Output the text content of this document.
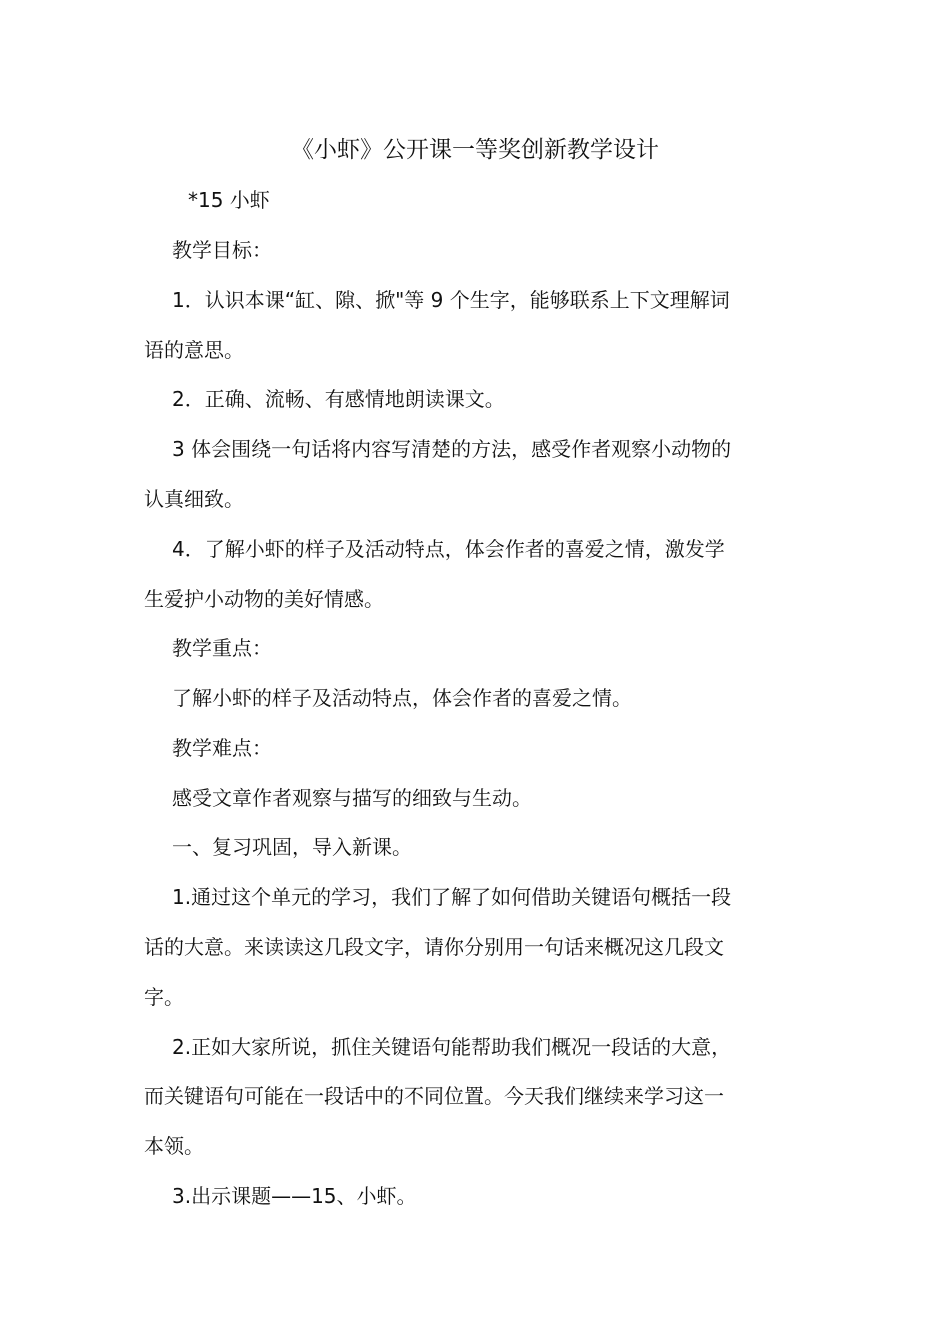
《小虾》公开课一等奖创新教学设计

*15 小虾

教学目标：

1．认识本课“缸、隙、掀"等 9 个生字，能够联系上下文理解词

语的意思。

2．正确、流畅、有感情地朗读课文。

3 体会围绕一句话将内容写清楚的方法，感受作者观察小动物的

认真细致。

4．了解小虾的样子及活动特点，体会作者的喜爱之情，激发学

生爱护小动物的美好情感。

教学重点：

了解小虾的样子及活动特点，体会作者的喜爱之情。

教学难点：

感受文章作者观察与描写的细致与生动。

一、复习巩固，导入新课。

1.通过这个单元的学习，我们了解了如何借助关键语句概括一段

话的大意。来读读这几段文字，请你分别用一句话来概况这几段文

字。

2.正如大家所说，抓住关键语句能帮助我们概况一段话的大意，

而关键语句可能在一段话中的不同位置。今天我们继续来学习这一

本领。

3.出示课题——15、小虾。
